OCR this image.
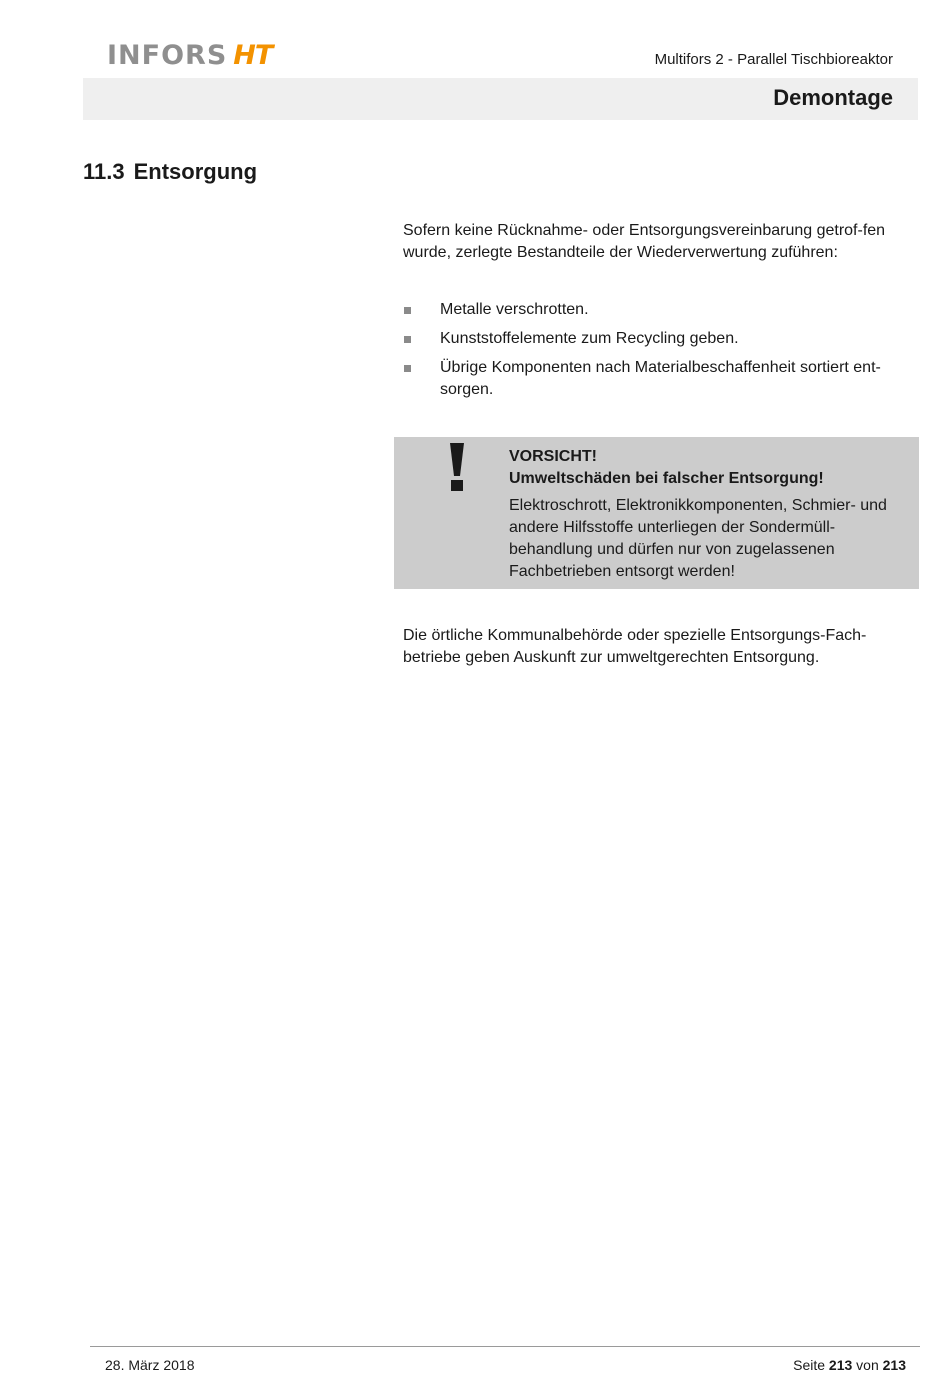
INFORS HT	Multifors 2 - Parallel Tischbioreaktor
Demontage
11.3 Entsorgung

Sofern keine Rücknahme- oder Entsorgungsvereinbarung getrof-fen wurde, zerlegte Bestandteile der Wiederverwertung zuführen:

Metalle verschrotten.
Kunststoffelemente zum Recycling geben.
Übrige Komponenten nach Materialbeschaffenheit sortiert ent-sorgen.
VORSICHT!
Umweltschäden bei falscher Entsorgung!
Elektroschrott, Elektronikkomponenten, Schmier- und andere Hilfsstoffe unterliegen der Sondermüll-behandlung und dürfen nur von zugelassenen Fachbetrieben entsorgt werden!

Die örtliche Kommunalbehörde oder spezielle Entsorgungs-Fach-betriebe geben Auskunft zur umweltgerechten Entsorgung.

28. März 2018	Seite 213 von 213
